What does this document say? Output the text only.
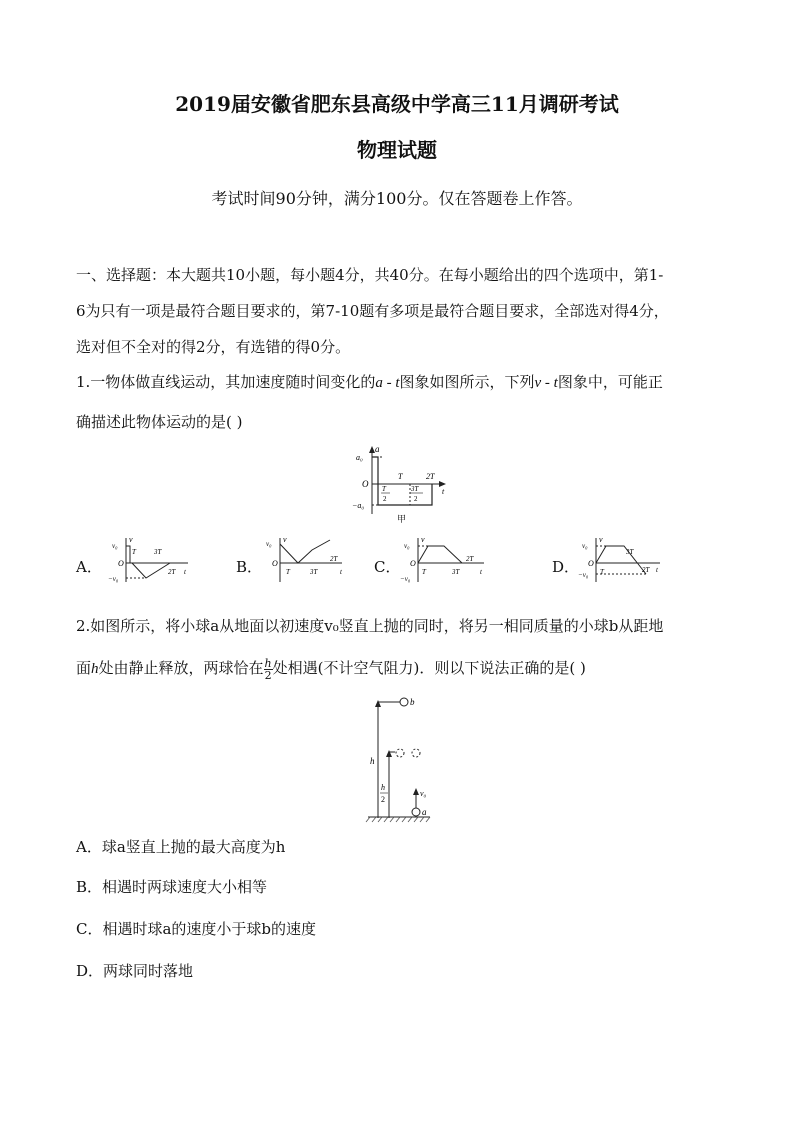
2019届安徽省肥东县高级中学高三11月调研考试
物理试题
考试时间90分钟，满分100分。仅在答题卷上作答。
一、选择题：本大题共10小题，每小题4分，共40分。在每小题给出的四个选项中，第1-
6为只有一项是最符合题目要求的，第7-10题有多项是最符合题目要求，全部选对得4分，
选对但不全对的得2分，有选错的得0分。
1.一物体做直线运动，其加速度随时间变化的a - t图象如图所示，下列v - t图象中，可能正
确描述此物体运动的是( )
a
a₀
−a₀
O
t
T	2T
T
2
3T
2
甲
A．
v
v₀
−v₀
O
T	3T
2T t	B．
v
v₀
O
T	3T
2T
t C．
v
v₀
−v₀
O
T	3T
2T
t	D．
v
v₀
−v₀
O
T
3T
2T t
2.如图所示，将小球a从地面以初速度v₀竖直上抛的同时，将另一相同质量的小球b从距地
面h处由静止释放，两球恰在 $\frac{h}{2}$ 处相遇(不计空气阻力)．则以下说法正确的是( )
b
a
h
h
2
v₀
A．球a竖直上抛的最大高度为h
B．相遇时两球速度大小相等
C．相遇时球a的速度小于球b的速度
D．两球同时落地
